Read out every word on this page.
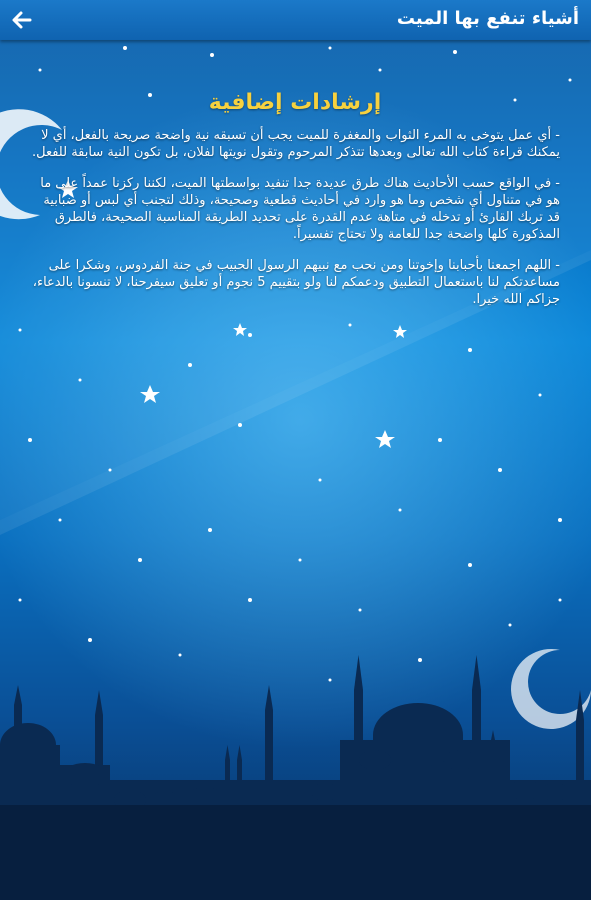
أشياء تنفع بها الميت
إرشادات إضافية

- أي عمل يتوخى به المرء الثواب والمغفرة للميت يجب أن تسبقه نية واضحة صريحة بالفعل، أي لا يمكنك قراءة كتاب الله تعالى وبعدها تتذكر المرحوم وتقول نويتها لفلان، بل تكون النية سابقة للفعل.

- في الواقع حسب الأحاديث هناك طرق عديدة جدا تنفيد بواسطتها الميت، لكننا ركزنا عمداً على ما هو في متناول أي شخص وما هو وارد في أحاديث قطعية وصحيحة، وذلك لتجنب أي لبس أو ضبابية قد تربك القارئ أو تدخله في متاهة عدم القدرة على تحديد الطريقة المناسبة الصحيحة، فالطرق المذكورة كلها واضحة جدا للعامة ولا تحتاج تفسيراً.

- اللهم اجمعنا بأحبابنا وإخوتنا ومن نحب مع نبيهم الرسول الحبيب في جنة الفردوس، وشكرا على مساعدتكم لنا باستعمال التطبيق ودعمكم لنا ولو بتقييم 5 نجوم أو تعليق سيفرحنا، لا تنسونا بالدعاء، جزاكم الله خيرا.
